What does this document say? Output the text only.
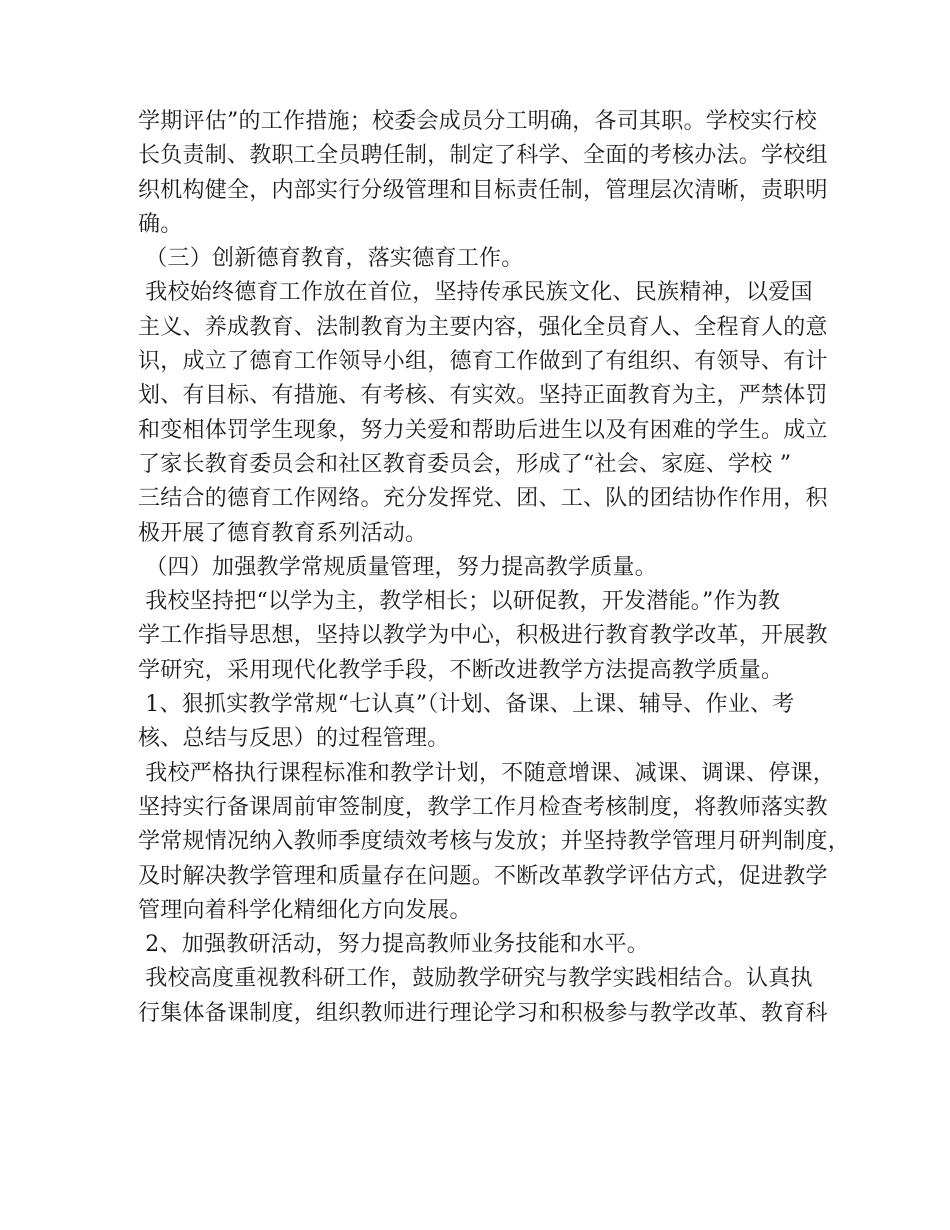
学期评估”的工作措施；校委会成员分工明确，各司其职。学校实行校
长负责制、教职工全员聘任制，制定了科学、全面的考核办法。学校组
织机构健全，内部实行分级管理和目标责任制，管理层次清晰，责职明
确。
（三）创新德育教育，落实德育工作。
我校始终德育工作放在首位，坚持传承民族文化、民族精神，以爱国
主义、养成教育、法制教育为主要内容，强化全员育人、全程育人的意
识，成立了德育工作领导小组，德育工作做到了有组织、有领导、有计
划、有目标、有措施、有考核、有实效。坚持正面教育为主，严禁体罚
和变相体罚学生现象，努力关爱和帮助后进生以及有困难的学生。成立
了家长教育委员会和社区教育委员会，形成了“社会、家庭、学校 ”
三结合的德育工作网络。充分发挥党、团、工、队的团结协作作用，积
极开展了德育教育系列活动。
（四）加强教学常规质量管理，努力提高教学质量。
我校坚持把“以学为主，教学相长；以研促教，开发潜能。”作为教
学工作指导思想，坚持以教学为中心，积极进行教育教学改革，开展教
学研究，采用现代化教学手段，不断改进教学方法提高教学质量。
1、狠抓实教学常规“七认真”（计划、备课、上课、辅导、作业、考
核、总结与反思）的过程管理。
我校严格执行课程标准和教学计划，不随意增课、减课、调课、停课，
坚持实行备课周前审签制度，教学工作月检查考核制度，将教师落实教
学常规情况纳入教师季度绩效考核与发放；并坚持教学管理月研判制度，
及时解决教学管理和质量存在问题。不断改革教学评估方式，促进教学
管理向着科学化精细化方向发展。
2、加强教研活动，努力提高教师业务技能和水平。
我校高度重视教科研工作，鼓励教学研究与教学实践相结合。认真执
行集体备课制度，组织教师进行理论学习和积极参与教学改革、教育科
